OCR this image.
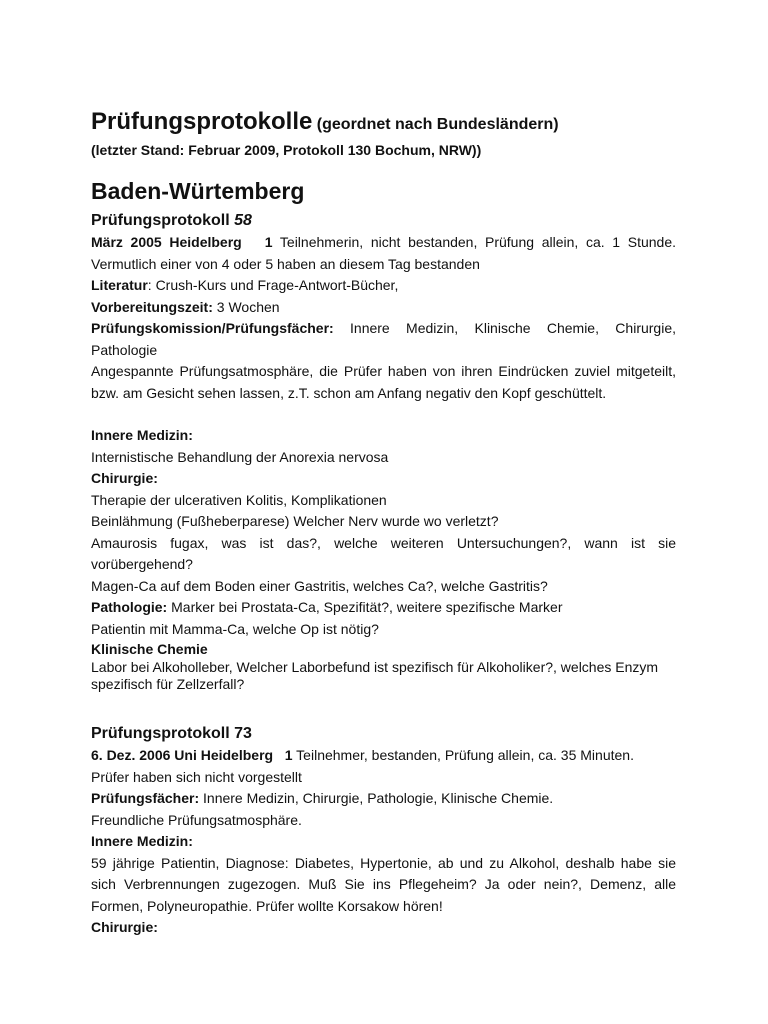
Prüfungsprotokolle (geordnet nach Bundesländern)
(letzter Stand: Februar 2009, Protokoll 130 Bochum, NRW))
Baden-Würtemberg
Prüfungsprotokoll 58
März 2005 Heidelberg 1 Teilnehmerin, nicht bestanden, Prüfung allein, ca. 1 Stunde. Vermutlich einer von 4 oder 5 haben an diesem Tag bestanden
Literatur: Crush-Kurs und Frage-Antwort-Bücher,
Vorbereitungszeit: 3 Wochen
Prüfungskomission/Prüfungsfächer: Innere Medizin, Klinische Chemie, Chirurgie, Pathologie
Angespannte Prüfungsatmosphäre, die Prüfer haben von ihren Eindrücken zuviel mitgeteilt, bzw. am Gesicht sehen lassen, z.T. schon am Anfang negativ den Kopf geschüttelt.
Innere Medizin:
Internistische Behandlung der Anorexia nervosa
Chirurgie:
Therapie der ulcerativen Kolitis, Komplikationen
Beinlähmung (Fußheberparese) Welcher Nerv wurde wo verletzt?
Amaurosis fugax, was ist das?, welche weiteren Untersuchungen?, wann ist sie vorübergehend?
Magen-Ca auf dem Boden einer Gastritis, welches Ca?, welche Gastritis?
Pathologie: Marker bei Prostata-Ca, Spezifität?, weitere spezifische Marker
Patientin mit Mamma-Ca, welche Op ist nötig?
Klinische Chemie
Labor bei Alkoholleber, Welcher Laborbefund ist spezifisch für Alkoholiker?, welches Enzym spezifisch für Zellzerfall?
Prüfungsprotokoll 73
6. Dez. 2006 Uni Heidelberg 1 Teilnehmer, bestanden, Prüfung allein, ca. 35 Minuten.
Prüfer haben sich nicht vorgestellt
Prüfungsfächer: Innere Medizin, Chirurgie, Pathologie, Klinische Chemie.
Freundliche Prüfungsatmosphäre.
Innere Medizin:
59 jährige Patientin, Diagnose: Diabetes, Hypertonie, ab und zu Alkohol, deshalb habe sie sich Verbrennungen zugezogen. Muß Sie ins Pflegeheim? Ja oder nein?, Demenz, alle Formen, Polyneuropathie. Prüfer wollte Korsakow hören!
Chirurgie:
